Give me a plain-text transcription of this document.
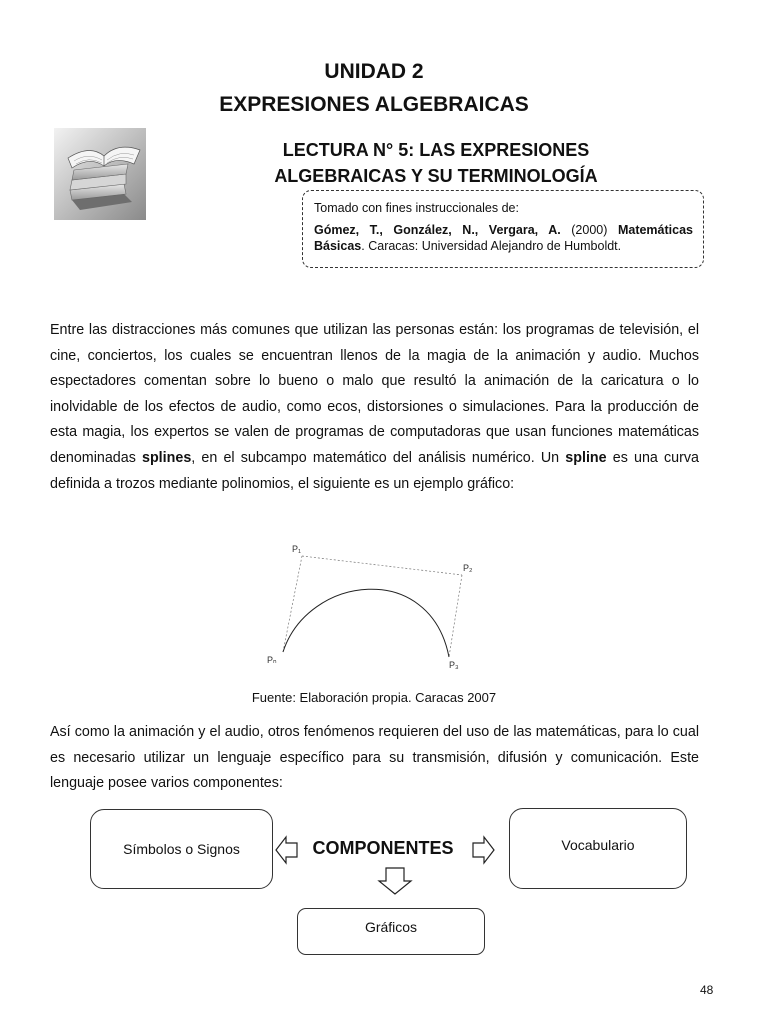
UNIDAD 2
EXPRESIONES ALGEBRAICAS
LECTURA N° 5: LAS EXPRESIONES
ALGEBRAICAS Y SU TERMINOLOGÍA
Tomado con fines instruccionales de:
Gómez, T., González, N., Vergara, A. (2000) Matemáticas Básicas. Caracas: Universidad Alejandro de Humboldt.
Entre las distracciones más comunes que utilizan las personas están: los programas de televisión, el cine, conciertos, los cuales se encuentran llenos de la magia de la animación y audio. Muchos espectadores comentan sobre lo bueno o malo que resultó la animación de la caricatura o lo inolvidable de los efectos de audio, como ecos, distorsiones o simulaciones. Para la producción de esta magia, los expertos se valen de programas de computadoras que usan funciones matemáticas denominadas splines, en el subcampo matemático del análisis numérico. Un spline es una curva definida a trozos mediante polinomios, el siguiente es un ejemplo gráfico:
P₁
P₂
Pₙ	P₃
Fuente: Elaboración propia. Caracas 2007
Así como la animación y el audio, otros fenómenos requieren del uso de las matemáticas, para lo cual es necesario utilizar un lenguaje específico para su transmisión, difusión y comunicación. Este lenguaje posee varios componentes:
Símbolos o Signos	Vocabulario
Gráficos
COMPONENTES
48
